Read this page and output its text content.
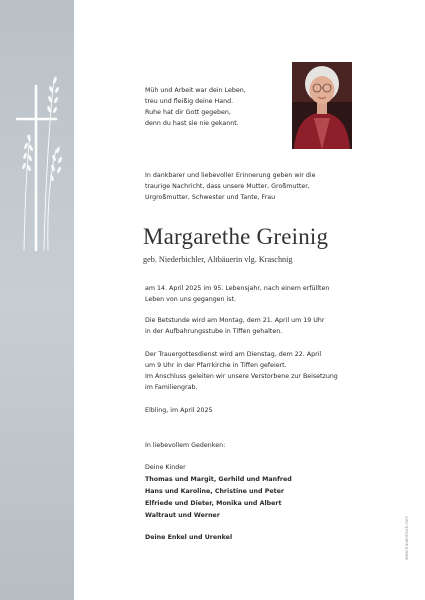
Müh und Arbeit war dein Leben,
treu und fleißig deine Hand.
Ruhe hat dir Gott gegeben,
denn du hast sie nie gekannt.
In dankbarer und liebevoller Erinnerung geben wir die
traurige Nachricht, dass unsere Mutter, Großmutter,
Urgroßmutter, Schwester und Tante, Frau
Margarethe Greinig
geb. Niederbichler, Altbäuerin vlg. Kraschnig
am 14. April 2025 im 95. Lebensjahr, nach einem erfüllten
Leben von uns gegangen ist.
Die Betstunde wird am Montag, dem 21. April um 19 Uhr
in der Aufbahrungsstube in Tiffen gehalten.
Der Trauergottesdienst wird am Dienstag, dem 22. April
um 9 Uhr in der Pfarrkirche in Tiffen gefeiert.
Im Anschluss geleiten wir unsere Verstorbene zur Beisetzung
im Familiengrab.
Elbling, im April 2025
In liebevollem Gedenken:
Deine Kinder
Thomas und Margit, Gerhild und Manfred
Hans und Karoline, Christine und Peter
Elfriede und Dieter, Monika und Albert
Waltraut und Werner
Deine Enkel und Urenkel	www.trauerdruck.com
